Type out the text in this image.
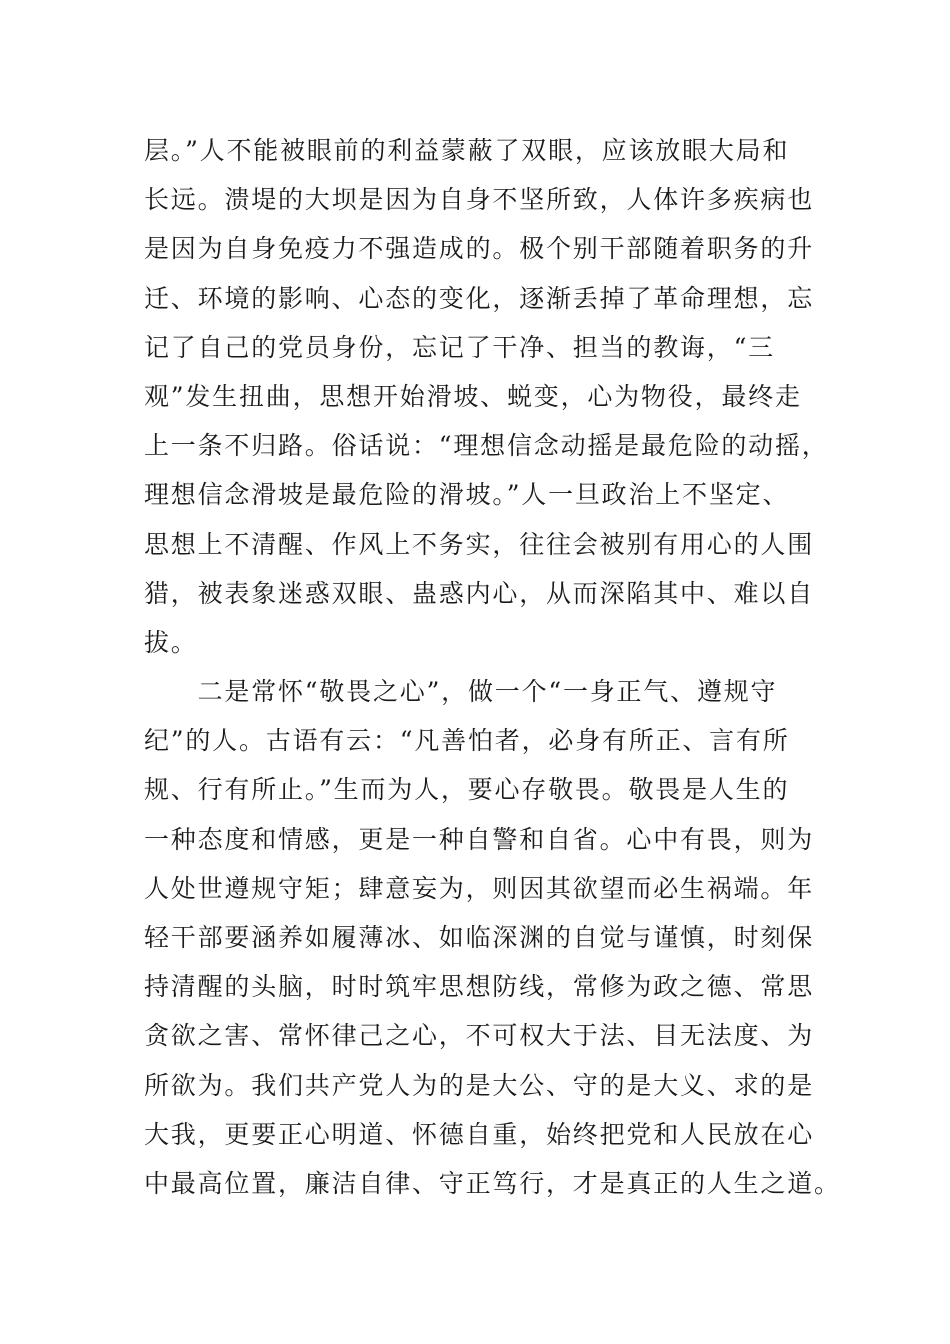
层。”人不能被眼前的利益蒙蔽了双眼，应该放眼大局和
长远。溃堤的大坝是因为自身不坚所致，人体许多疾病也
是因为自身免疫力不强造成的。极个别干部随着职务的升
迁、环境的影响、心态的变化，逐渐丢掉了革命理想，忘
记了自己的党员身份，忘记了干净、担当的教诲，“三
观”发生扭曲，思想开始滑坡、蜕变，心为物役，最终走
上一条不归路。俗话说：“理想信念动摇是最危险的动摇，
理想信念滑坡是最危险的滑坡。”人一旦政治上不坚定、
思想上不清醒、作风上不务实，往往会被别有用心的人围
猎，被表象迷惑双眼、蛊惑内心，从而深陷其中、难以自
拔。
　　二是常怀“敬畏之心”，做一个“一身正气、遵规守
纪”的人。古语有云：“凡善怕者，必身有所正、言有所
规、行有所止。”生而为人，要心存敬畏。敬畏是人生的
一种态度和情感，更是一种自警和自省。心中有畏，则为
人处世遵规守矩；肆意妄为，则因其欲望而必生祸端。年
轻干部要涵养如履薄冰、如临深渊的自觉与谨慎，时刻保
持清醒的头脑，时时筑牢思想防线，常修为政之德、常思
贪欲之害、常怀律己之心，不可权大于法、目无法度、为
所欲为。我们共产党人为的是大公、守的是大义、求的是
大我，更要正心明道、怀德自重，始终把党和人民放在心
中最高位置，廉洁自律、守正笃行，才是真正的人生之道。
